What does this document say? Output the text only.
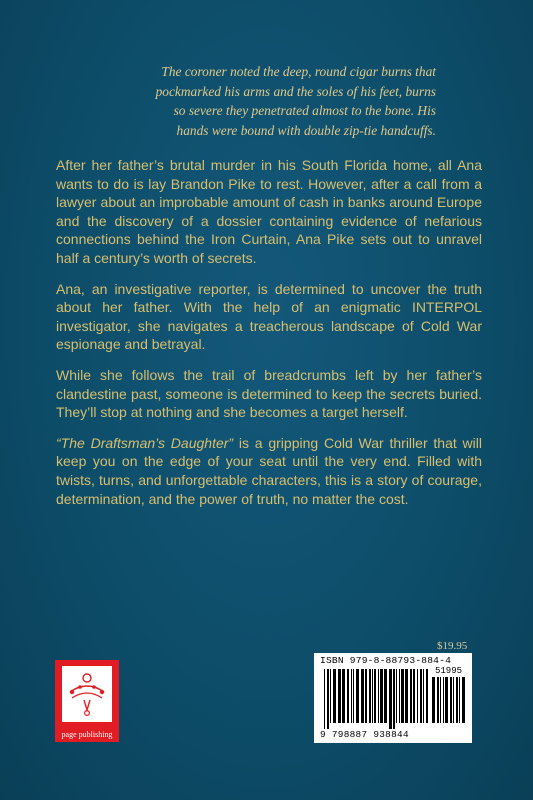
The coroner noted the deep, round cigar burns that
pockmarked his arms and the soles of his feet, burns
so severe they penetrated almost to the bone. His
hands were bound with double zip-tie handcuffs.

After her father’s brutal murder in his South Florida home, all Ana wants to do is lay Brandon Pike to rest. However, after a call from a lawyer about an improbable amount of cash in banks around Europe and the discovery of a dossier containing evidence of nefarious connections behind the Iron Curtain, Ana Pike sets out to unravel half a century’s worth of secrets.

Ana, an investigative reporter, is determined to uncover the truth about her father. With the help of an enigmatic INTERPOL investigator, she navigates a treacherous landscape of Cold War espionage and betrayal.

While she follows the trail of breadcrumbs left by her father’s clandestine past, someone is determined to keep the secrets buried. They’ll stop at nothing and she becomes a target herself.

“The Draftsman’s Daughter” is a gripping Cold War thriller that will keep you on the edge of your seat until the very end. Filled with twists, turns, and unforgettable characters, this is a story of courage, determination, and the power of truth, no matter the cost.

$19.95
ISBN 979-8-88793-884-4
51995
9 798887 938844
page publishing
